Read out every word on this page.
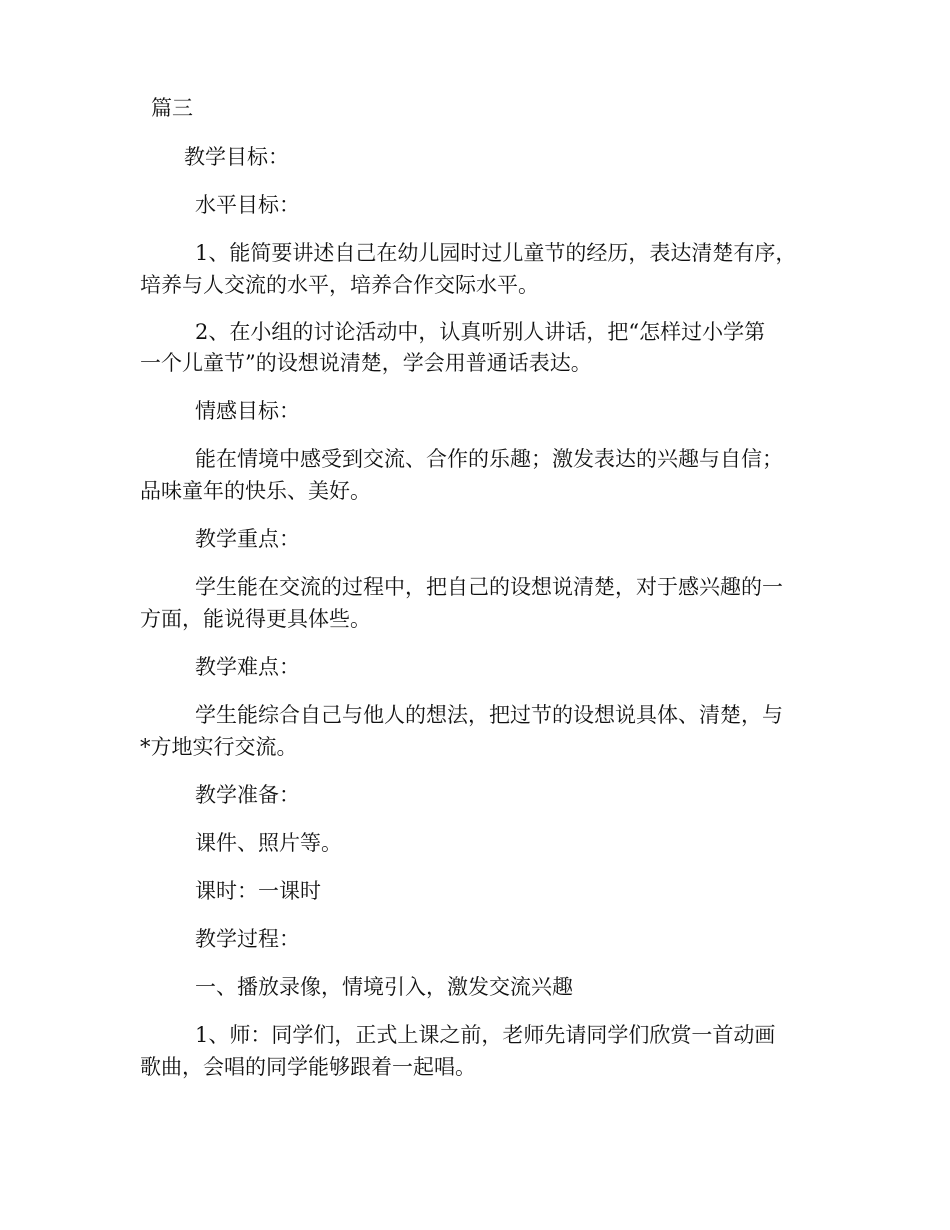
篇三

教学目标：

水平目标：

1、能简要讲述自己在幼儿园时过儿童节的经历，表达清楚有序，

培养与人交流的水平，培养合作交际水平。

2、在小组的讨论活动中，认真听别人讲话，把“怎样过小学第

一个儿童节”的设想说清楚，学会用普通话表达。

情感目标：

能在情境中感受到交流、合作的乐趣；激发表达的兴趣与自信；

品味童年的快乐、美好。

教学重点：

学生能在交流的过程中，把自己的设想说清楚，对于感兴趣的一

方面，能说得更具体些。

教学难点：

学生能综合自己与他人的想法，把过节的设想说具体、清楚，与

*方地实行交流。

教学准备：

课件、照片等。

课时：一课时

教学过程：

一、播放录像，情境引入，激发交流兴趣

1、师：同学们，正式上课之前，老师先请同学们欣赏一首动画

歌曲，会唱的同学能够跟着一起唱。
